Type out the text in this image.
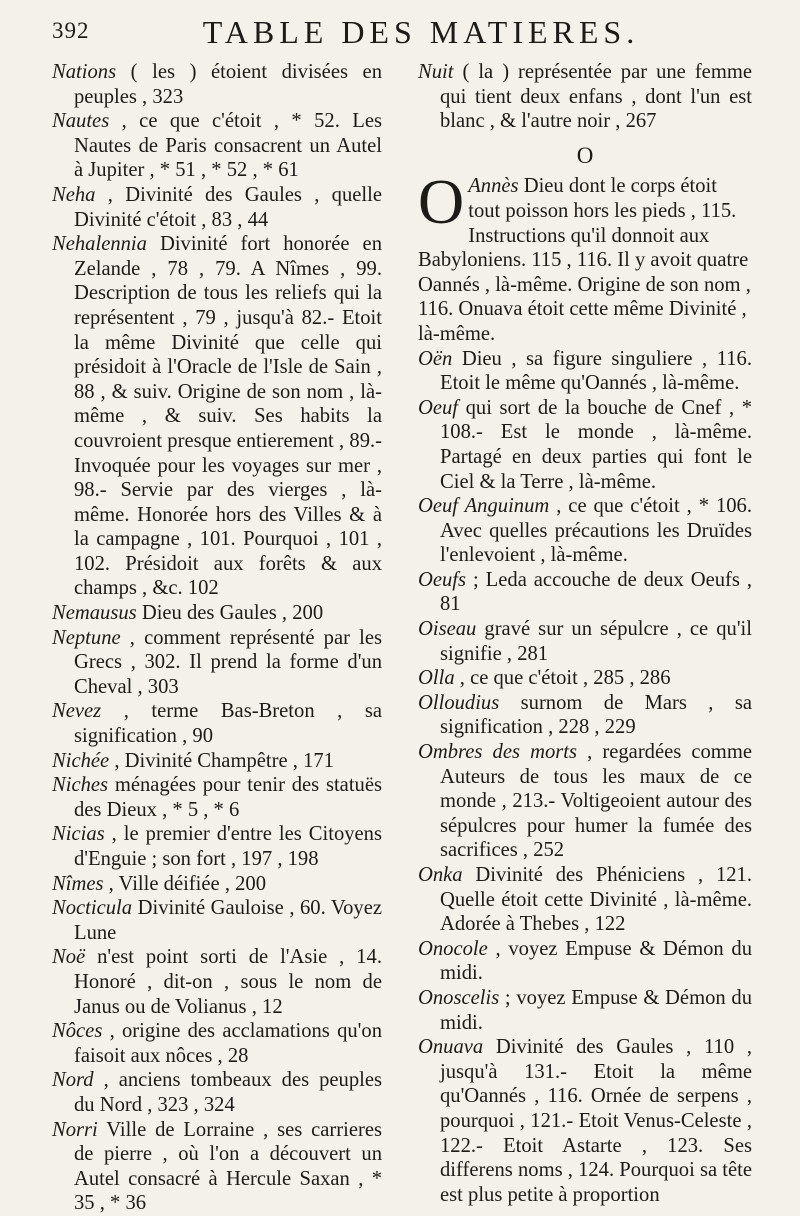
392	TABLE DES MATIERES.

Nations ( les ) étoient divisées en peuples , 323

Nautes , ce que c'étoit , * 52. Les Nautes de Paris consacrent un Autel à Jupiter , * 51 , * 52 , * 61

Neha , Divinité des Gaules , quelle Divinité c'étoit , 83 , 44

Nehalennia Divinité fort honorée en Zelande , 78 , 79. A Nîmes , 99. Description de tous les reliefs qui la représentent , 79 , jusqu'à 82.- Etoit la même Divinité que celle qui présidoit à l'Oracle de l'Isle de Sain , 88 , & suiv. Origine de son nom , là-même , & suiv. Ses habits la couvroient presque entierement , 89.- Invoquée pour les voyages sur mer , 98.- Servie par des vierges , là-même. Honorée hors des Villes & à la campagne , 101. Pourquoi , 101 , 102. Présidoit aux forêts & aux champs , &c. 102

Nemausus Dieu des Gaules , 200

Neptune , comment représenté par les Grecs , 302. Il prend la forme d'un Cheval , 303

Nevez , terme Bas-Breton , sa signification , 90

Nichée , Divinité Champêtre , 171

Niches ménagées pour tenir des statuës des Dieux , * 5 , * 6

Nicias , le premier d'entre les Citoyens d'Enguie ; son fort , 197 , 198

Nîmes , Ville déifiée , 200

Nocticula Divinité Gauloise , 60. Voyez Lune

Noë n'est point sorti de l'Asie , 14. Honoré , dit-on , sous le nom de Janus ou de Volianus , 12

Nôces , origine des acclamations qu'on faisoit aux nôces , 28

Nord , anciens tombeaux des peuples du Nord , 323 , 324

Norri Ville de Lorraine , ses carrieres de pierre , où l'on a découvert un Autel consacré à Hercule Saxan , * 35 , * 36

Nuit ( la ) représentée par une femme qui tient deux enfans , dont l'un est blanc , & l'autre noir , 267

O

O Annès Dieu dont le corps étoit tout poisson hors les pieds , 115. Instructions qu'il donnoit aux Babyloniens. 115 , 116. Il y avoit quatre Oannés , là-même. Origine de son nom , 116. Onuava étoit cette même Divinité , là-même.

Oën Dieu , sa figure singuliere , 116. Etoit le même qu'Oannés , là-même.

Oeuf qui sort de la bouche de Cnef , * 108.- Est le monde , là-même. Partagé en deux parties qui font le Ciel & la Terre , là-même.

Oeuf Anguinum , ce que c'étoit , * 106. Avec quelles précautions les Druïdes l'enlevoient , là-même.

Oeufs ; Leda accouche de deux Oeufs , 81

Oiseau gravé sur un sépulcre , ce qu'il signifie , 281

Olla , ce que c'étoit , 285 , 286

Olloudius surnom de Mars , sa signification , 228 , 229

Ombres des morts , regardées comme Auteurs de tous les maux de ce monde , 213.- Voltigeoient autour des sépulcres pour humer la fumée des sacrifices , 252

Onka Divinité des Phéniciens , 121. Quelle étoit cette Divinité , là-même. Adorée à Thebes , 122

Onocole , voyez Empuse & Démon du midi.

Onoscelis ; voyez Empuse & Démon du midi.

Onuava Divinité des Gaules , 110 , jusqu'à 131.- Etoit la même qu'Oannés , 116. Ornée de serpens , pourquoi , 121.- Etoit Venus-Celeste , 122.- Etoit Astarte , 123. Ses differens noms , 124. Pourquoi sa tête est plus petite à proportion
